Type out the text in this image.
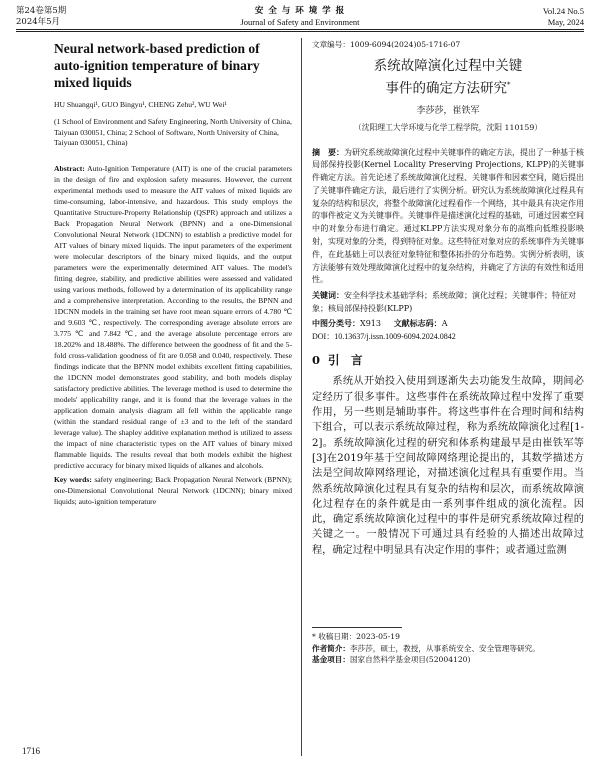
第24卷第5期
2024年5月
安 全 与 环 境 学 报
Journal of Safety and Environment
Vol.24 No.5
May, 2024
Neural network-based prediction of auto-ignition temperature of binary mixed liquids
HU Shuangqi¹, GUO Bingyu¹, CHENG Zehu², WU Wei¹
(1 School of Environment and Safety Engineering, North University of China, Taiyuan 030051, China; 2 School of Software, North University of China, Taiyuan 030051, China)
Abstract: Auto-Ignition Temperature (AIT) is one of the crucial parameters in the design of fire and explosion safety measures. However, the current experimental methods used to measure the AIT values of mixed liquids are time-consuming, labor-intensive, and hazardous. This study employs the Quantitative Structure-Property Relationship (QSPR) approach and utilizes a Back Propagation Neural Network (BPNN) and a one-Dimensional Convolutional Neural Network (1DCNN) to establish a predictive model for AIT values of binary mixed liquids. The input parameters of the experiment were molecular descriptors of the binary mixed liquids, and the output parameters were the experimentally determined AIT values. The model's fitting degree, stability, and predictive abilities were assessed and validated using various methods, followed by a determination of its applicability range and a comprehensive interpretation. According to the results, the BPNN and 1DCNN models in the training set have root mean square errors of 4.780 ℃ and 9.603 ℃, respectively. The corresponding average absolute errors are 3.775 ℃ and 7.842 ℃, and the average absolute percentage errors are 18.202% and 18.488%. The difference between the goodness of fit and the 5-fold cross-validation goodness of fit are 0.058 and 0.040, respectively. These findings indicate that the BPNN model exhibits excellent fitting capabilities, the 1DCNN model demonstrates good stability, and both models display satisfactory predictive abilities. The leverage method is used to determine the models' applicability range, and it is found that the leverage values in the application domain analysis diagram all fell within the applicable range (within the standard residual range of ±3 and to the left of the standard leverage value). The shapley additive explanation method is utilized to assess the impact of nine characteristic types on the AIT values of binary mixed flammable liquids. The results reveal that both models exhibit the highest predictive accuracy for binary mixed liquids of alkanes and alcohols.
Key words: safety engineering; Back Propagation Neural Network (BPNN); one-Dimensional Convolutional Neural Network (1DCNN); binary mixed liquids; auto-ignition temperature
1716
文章编号：1009-6094(2024)05-1716-07
系统故障演化过程中关键
事件的确定方法研究*
李莎莎，崔铁军
（沈阳理工大学环境与化学工程学院，沈阳 110159）
摘　要：为研究系统故障演化过程中关键事件的确定方法，提出了一种基于核局部保持投影(Kernel Locality Preserving Projections, KLPP)的关键事件确定方法。首先论述了系统故障演化过程、关键事件和因素空间，随后提出了关键事件确定方法，最后进行了实例分析。研究认为系统故障演化过程具有复杂的结构和层次，将整个故障演化过程看作一个网络，其中最具有决定作用的事件被定义为关键事件。关键事件是描述演化过程的基础，可通过因素空间中的对象分布进行确定。通过KLPP方法实现对象分布的高维向低维投影映射，实现对象的分类，得到特征对象。这些特征对象对应的系统事件为关键事件，在此基础上可以表征对象特征和整体拓扑的分布趋势。实例分析表明，该方法能够有效处理故障演化过程中的复杂结构，并确定了方法的有效性和适用性。
关键词：安全科学技术基础学科；系统故障；演化过程；关键事件；特征对象；核局部保持投影(KLPP)
中图分类号：X913 文献标志码：A
DOI：10.13637/j.issn.1009-6094.2024.0842
0 引　言
系统从开始投入使用到逐渐失去功能发生故障，期间必定经历了很多事件。这些事件在系统故障过程中发挥了重要作用，另一些则是辅助事件。将这些事件在合理时间和结构下组合，可以表示系统故障过程，称为系统故障演化过程[1-2]。系统故障演化过程的研究和体系构建最早是由崔铁军等[3]在2019年基于空间故障网络理论提出的，其数学描述方法是空间故障网络理论，对描述演化过程具有重要作用。当然系统故障演化过程具有复杂的结构和层次，而系统故障演化过程存在的条件就是由一系列事件组成的演化流程。因此，确定系统故障演化过程中的事件是研究系统故障过程的关键之一。一般情况下可通过具有经验的人描述出故障过程，确定过程中明显具有决定作用的事件；或者通过监测
* 收稿日期：2023-05-19
作者简介：李莎莎，硕士，教授，从事系统安全、安全管理等研究。
基金项目：国家自然科学基金项目(52004120)
